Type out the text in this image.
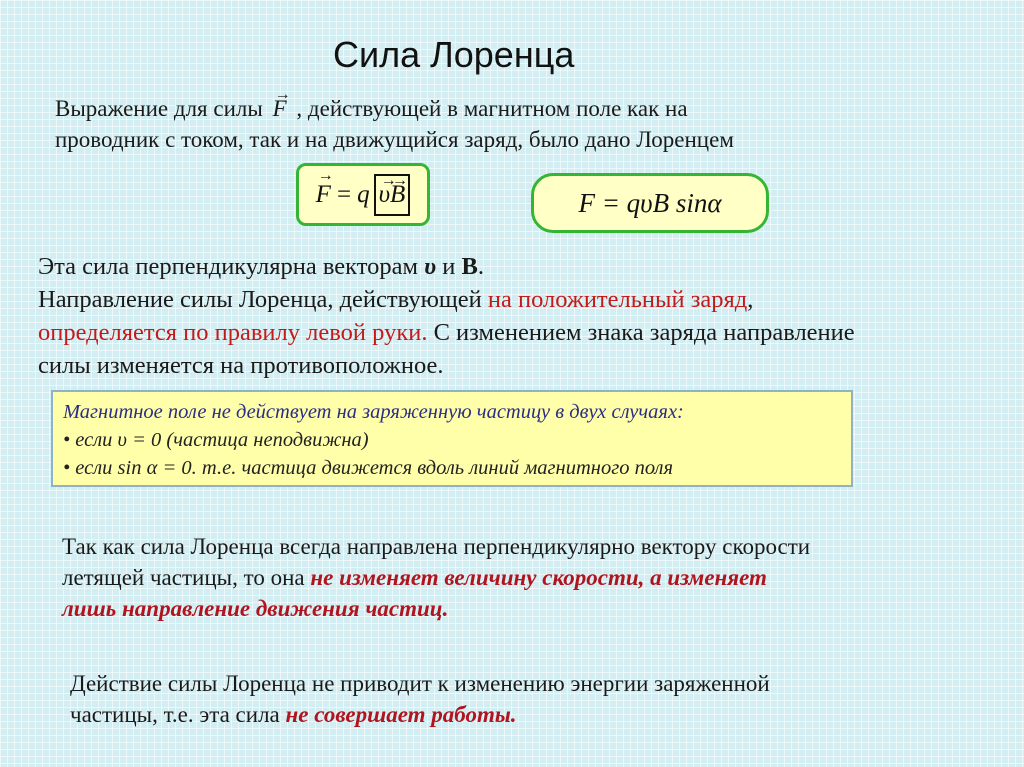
Сила Лоренца
Выражение для силы → F , действующей в магнитном поле как на
проводник с током, так и на движущийся заряд, было дано Лоренцем
→ F = q → υ→ B	F = qυB sin α
Эта сила перпендикулярна векторам υ и B.
Направление силы Лоренца, действующей на положительный заряд,
определяется по правилу левой руки. С изменением знака заряда направление
силы изменяется на противоположное.
Магнитное поле не действует на заряженную частицу в двух случаях:
• если υ = 0 (частица неподвижна)
• если sin α = 0. т.е. частица движется вдоль линий магнитного поля
Так как сила Лоренца всегда направлена перпендикулярно вектору скорости
летящей частицы, то она не изменяет величину скорости, а изменяет
лишь направление движения частиц.
Действие силы Лоренца не приводит к изменению энергии заряженной
частицы, т.е. эта сила не совершает работы.
